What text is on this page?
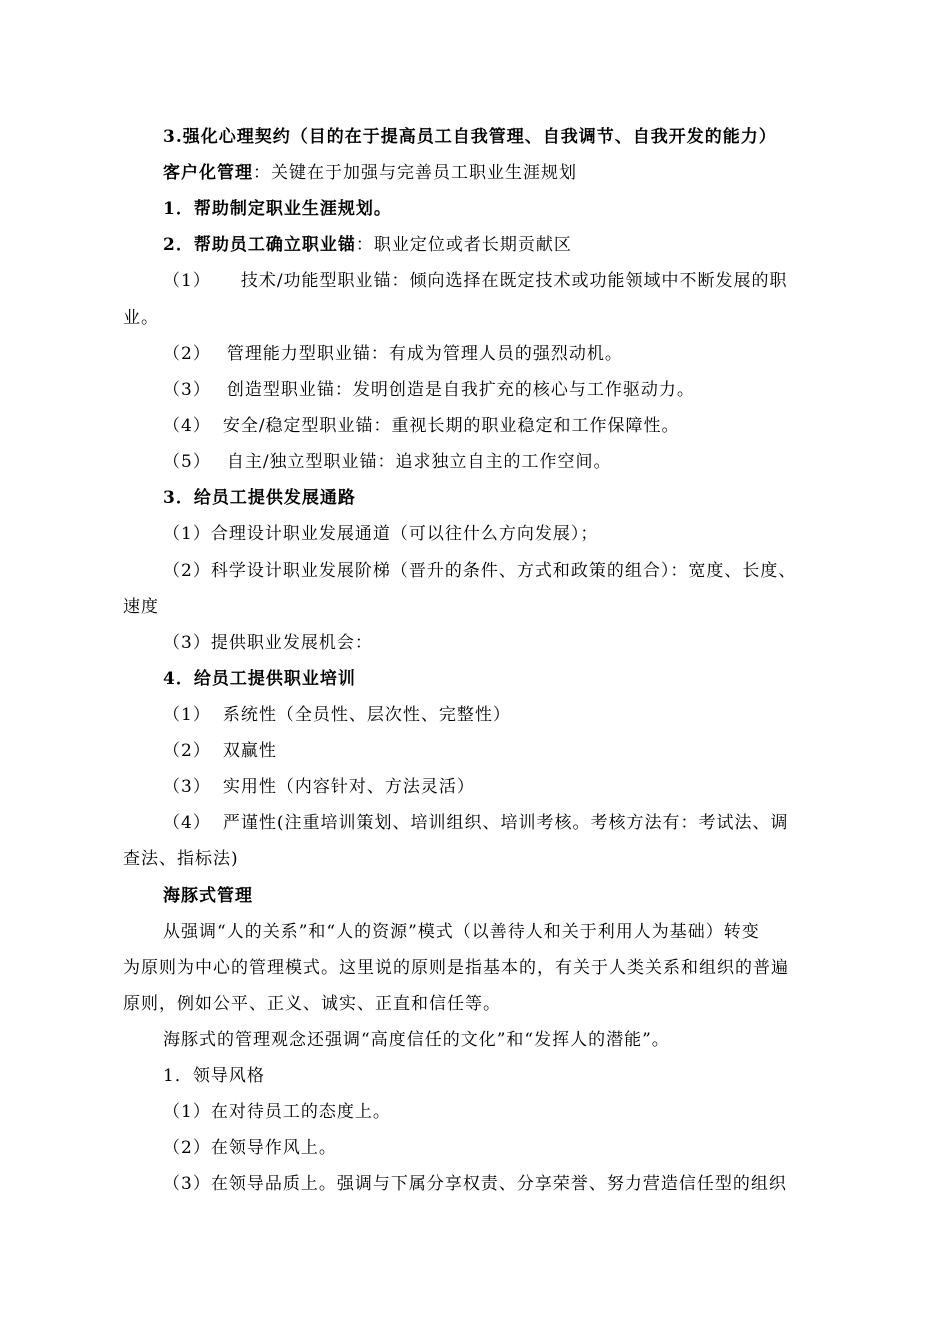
3.强化心理契约（目的在于提高员工自我管理、自我调节、自我开发的能力）
客户化管理：关键在于加强与完善员工职业生涯规划
1．帮助制定职业生涯规划。
2．帮助员工确立职业锚：职业定位或者长期贡献区
（1） 技术/功能型职业锚：倾向选择在既定技术或功能领域中不断发展的职
业。
（2） 管理能力型职业锚：有成为管理人员的强烈动机。
（3） 创造型职业锚：发明创造是自我扩充的核心与工作驱动力。
（4） 安全/稳定型职业锚：重视长期的职业稳定和工作保障性。
（5） 自主/独立型职业锚：追求独立自主的工作空间。
3．给员工提供发展通路
（1）合理设计职业发展通道（可以往什么方向发展）；
（2）科学设计职业发展阶梯（晋升的条件、方式和政策的组合）：宽度、长度、
速度
（3）提供职业发展机会：
4．给员工提供职业培训
（1） 系统性（全员性、层次性、完整性）
（2） 双赢性
（3） 实用性（内容针对、方法灵活）
（4） 严谨性(注重培训策划、培训组织、培训考核。考核方法有：考试法、调
查法、指标法)
海豚式管理
从强调“人的关系”和“人的资源”模式（以善待人和关于利用人为基础）转变
为原则为中心的管理模式。这里说的原则是指基本的，有关于人类关系和组织的普遍
原则，例如公平、正义、诚实、正直和信任等。
海豚式的管理观念还强调“高度信任的文化”和“发挥人的潜能”。
1．领导风格
（1）在对待员工的态度上。
（2）在领导作风上。
（3）在领导品质上。强调与下属分享权责、分享荣誉、努力营造信任型的组织
